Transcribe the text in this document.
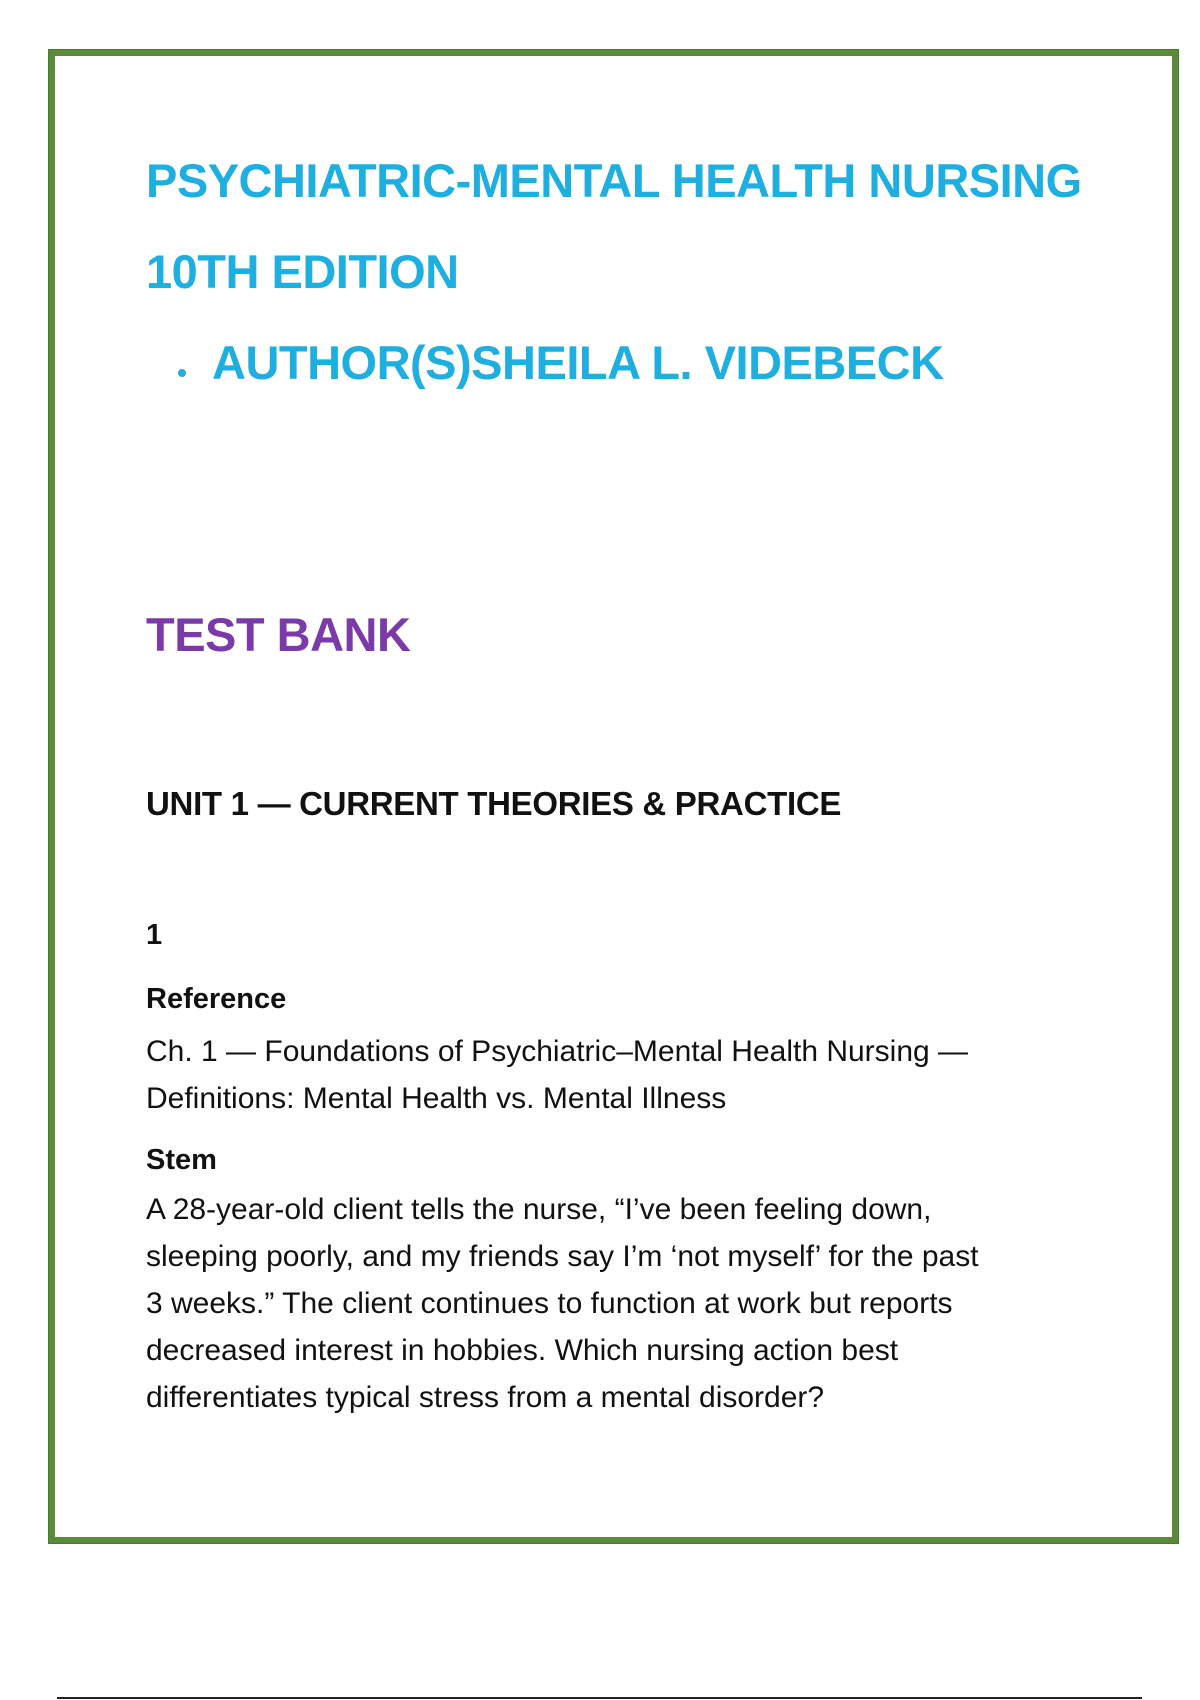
PSYCHIATRIC-MENTAL HEALTH NURSING
10TH EDITION
AUTHOR(S)SHEILA L. VIDEBECK
TEST BANK
UNIT 1 — CURRENT THEORIES & PRACTICE
1
Reference
Ch. 1 — Foundations of Psychiatric–Mental Health Nursing —
Definitions: Mental Health vs. Mental Illness
Stem
A 28-year-old client tells the nurse, “I’ve been feeling down,
sleeping poorly, and my friends say I’m ‘not myself’ for the past
3 weeks.” The client continues to function at work but reports
decreased interest in hobbies. Which nursing action best
differentiates typical stress from a mental disorder?
